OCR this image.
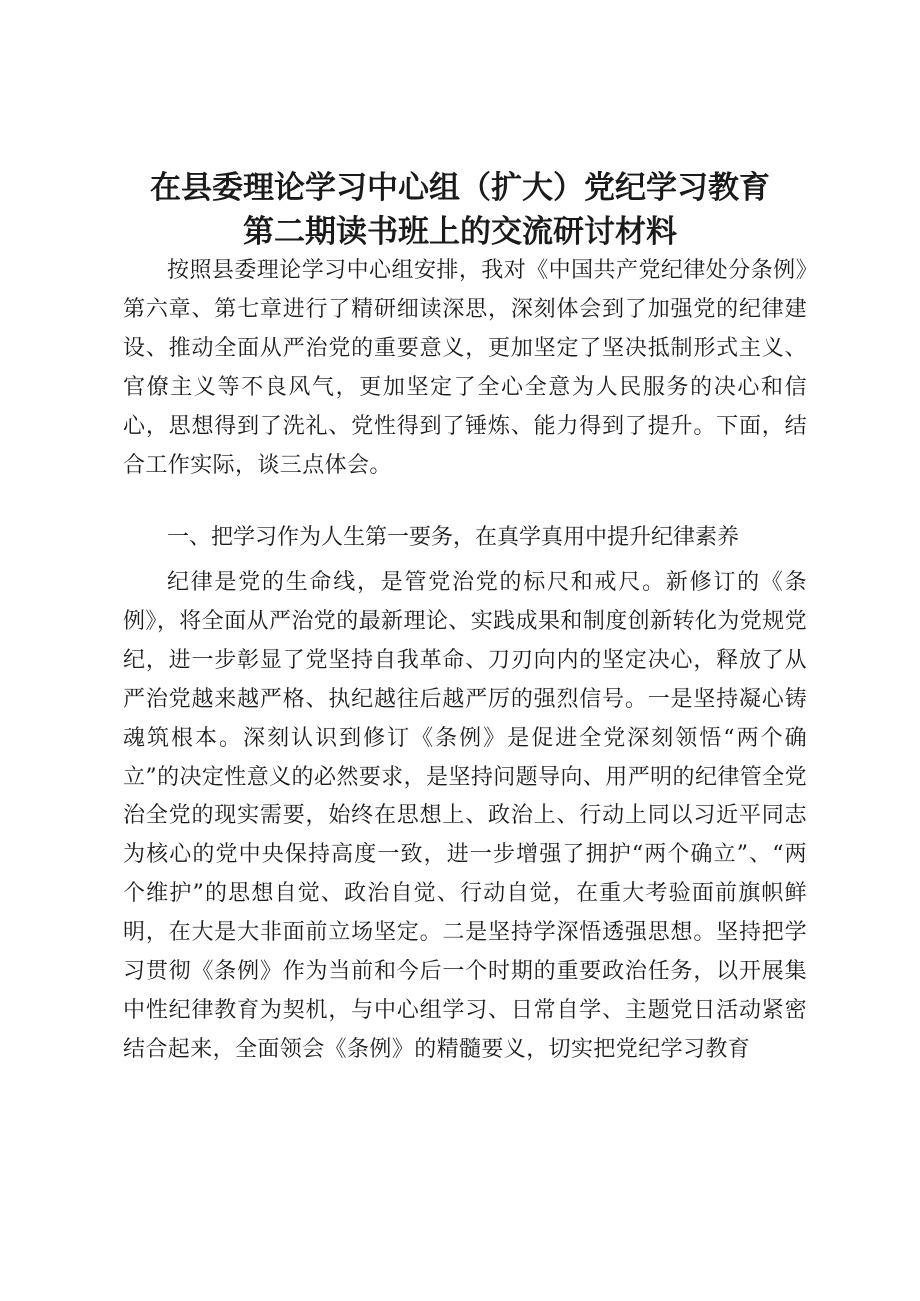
在县委理论学习中心组（扩大）党纪学习教育
第二期读书班上的交流研讨材料

按照县委理论学习中心组安排，我对《中国共产党纪律处分条例》第六章、第七章进行了精研细读深思，深刻体会到了加强党的纪律建设、推动全面从严治党的重要意义，更加坚定了坚决抵制形式主义、官僚主义等不良风气，更加坚定了全心全意为人民服务的决心和信心，思想得到了洗礼、党性得到了锤炼、能力得到了提升。下面，结合工作实际，谈三点体会。

一、把学习作为人生第一要务，在真学真用中提升纪律素养

纪律是党的生命线，是管党治党的标尺和戒尺。新修订的《条例》，将全面从严治党的最新理论、实践成果和制度创新转化为党规党纪，进一步彰显了党坚持自我革命、刀刃向内的坚定决心，释放了从严治党越来越严格、执纪越往后越严厉的强烈信号。一是坚持凝心铸魂筑根本。深刻认识到修订《条例》是促进全党深刻领悟“两个确立”的决定性意义的必然要求，是坚持问题导向、用严明的纪律管全党治全党的现实需要，始终在思想上、政治上、行动上同以习近平同志为核心的党中央保持高度一致，进一步增强了拥护“两个确立”、“两个维护”的思想自觉、政治自觉、行动自觉，在重大考验面前旗帜鲜明，在大是大非面前立场坚定。二是坚持学深悟透强思想。坚持把学习贯彻《条例》作为当前和今后一个时期的重要政治任务，以开展集中性纪律教育为契机，与中心组学习、日常自学、主题党日活动紧密结合起来，全面领会《条例》的精髓要义，切实把党纪学习教育
